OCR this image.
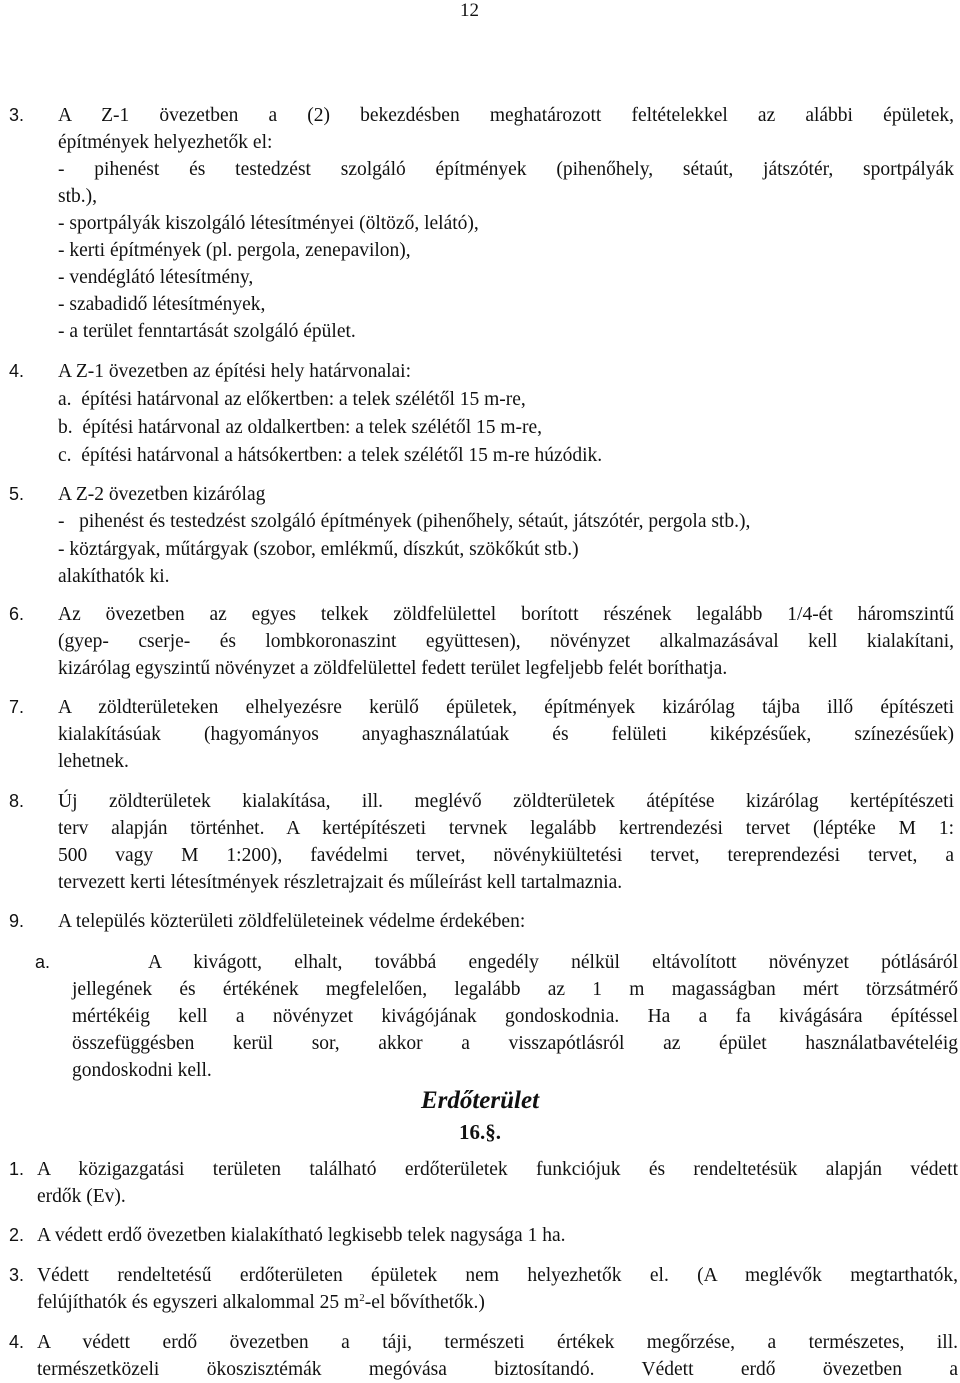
12
3. A Z-1 övezetben a (2) bekezdésben meghatározott feltételekkel az alábbi épületek,
építmények helyezhetők el:
- pihenést és testedzést szolgáló építmények (pihenőhely, sétaút, játszótér, sportpályák
stb.),
- sportpályák kiszolgáló létesítményei (öltöző, lelátó),
- kerti építmények (pl. pergola, zenepavilon),
- vendéglátó létesítmény,
- szabadidő létesítmények,
- a terület fenntartását szolgáló épület.
4. A Z-1 övezetben az építési hely határvonalai:
a.  építési határvonal az előkertben: a telek szélétől 15 m-re,
b.  építési határvonal az oldalkertben: a telek szélétől 15 m-re,
c.  építési határvonal a hátsókertben: a telek szélétől 15 m-re húzódik.
5. A Z-2 övezetben kizárólag
-   pihenést és testedzést szolgáló építmények (pihenőhely, sétaút, játszótér, pergola stb.),
- köztárgyak, műtárgyak (szobor, emlékmű, díszkút, szökőkút stb.)
alakíthatók ki.
6. Az övezetben az egyes telkek zöldfelülettel borított részének legalább 1/4-ét háromszintű
(gyep- cserje- és lombkoronaszint együttesen), növényzet alkalmazásával kell kialakítani,
kizárólag egyszintű növényzet a zöldfelülettel fedett terület legfeljebb felét boríthatja.
7. A zöldterületeken elhelyezésre kerülő épületek, építmények kizárólag tájba illő építészeti
kialakításúak (hagyományos anyaghasználatúak és felületi kiképzésűek, színezésűek)
lehetnek.
8. Új zöldterületek kialakítása, ill. meglévő zöldterületek átépítése kizárólag kertépítészeti
terv alapján történhet. A kertépítészeti tervnek legalább kertrendezési tervet (léptéke M 1:
500 vagy M 1:200), favédelmi tervet, növénykiültetési tervet, tereprendezési tervet, a
tervezett kerti létesítmények részletrajzait és műleírást kell tartalmaznia.
9. A település közterületi zöldfelületeinek védelme érdekében:
a.	A kivágott, elhalt, továbbá engedély nélkül eltávolított növényzet pótlásáról
jellegének és értékének megfelelően, legalább az 1 m magasságban mért törzsátmérő
mértékéig kell a növényzet kivágójának gondoskodnia. Ha a fa kivágására építéssel
összefüggésben kerül sor, akkor a visszapótlásról az épület használatbavételéig
gondoskodni kell.
Erdőterület
16.§.
1. A közigazgatási területen található erdőterületek funkciójuk és rendeltetésük alapján védett
erdők (Ev).
2. A védett erdő övezetben kialakítható legkisebb telek nagysága 1 ha.
3. Védett rendeltetésű erdőterületen épületek nem helyezhetők el. (A meglévők megtarthatók,
felújíthatók és egyszeri alkalommal 25 $m^2-el$ bővíthetők.)
4. A védett erdő övezetben a táji, természeti értékek megőrzése, a természetes, ill.
természetközeli ökoszisztémák megóvása biztosítandó. Védett erdő övezetben a
